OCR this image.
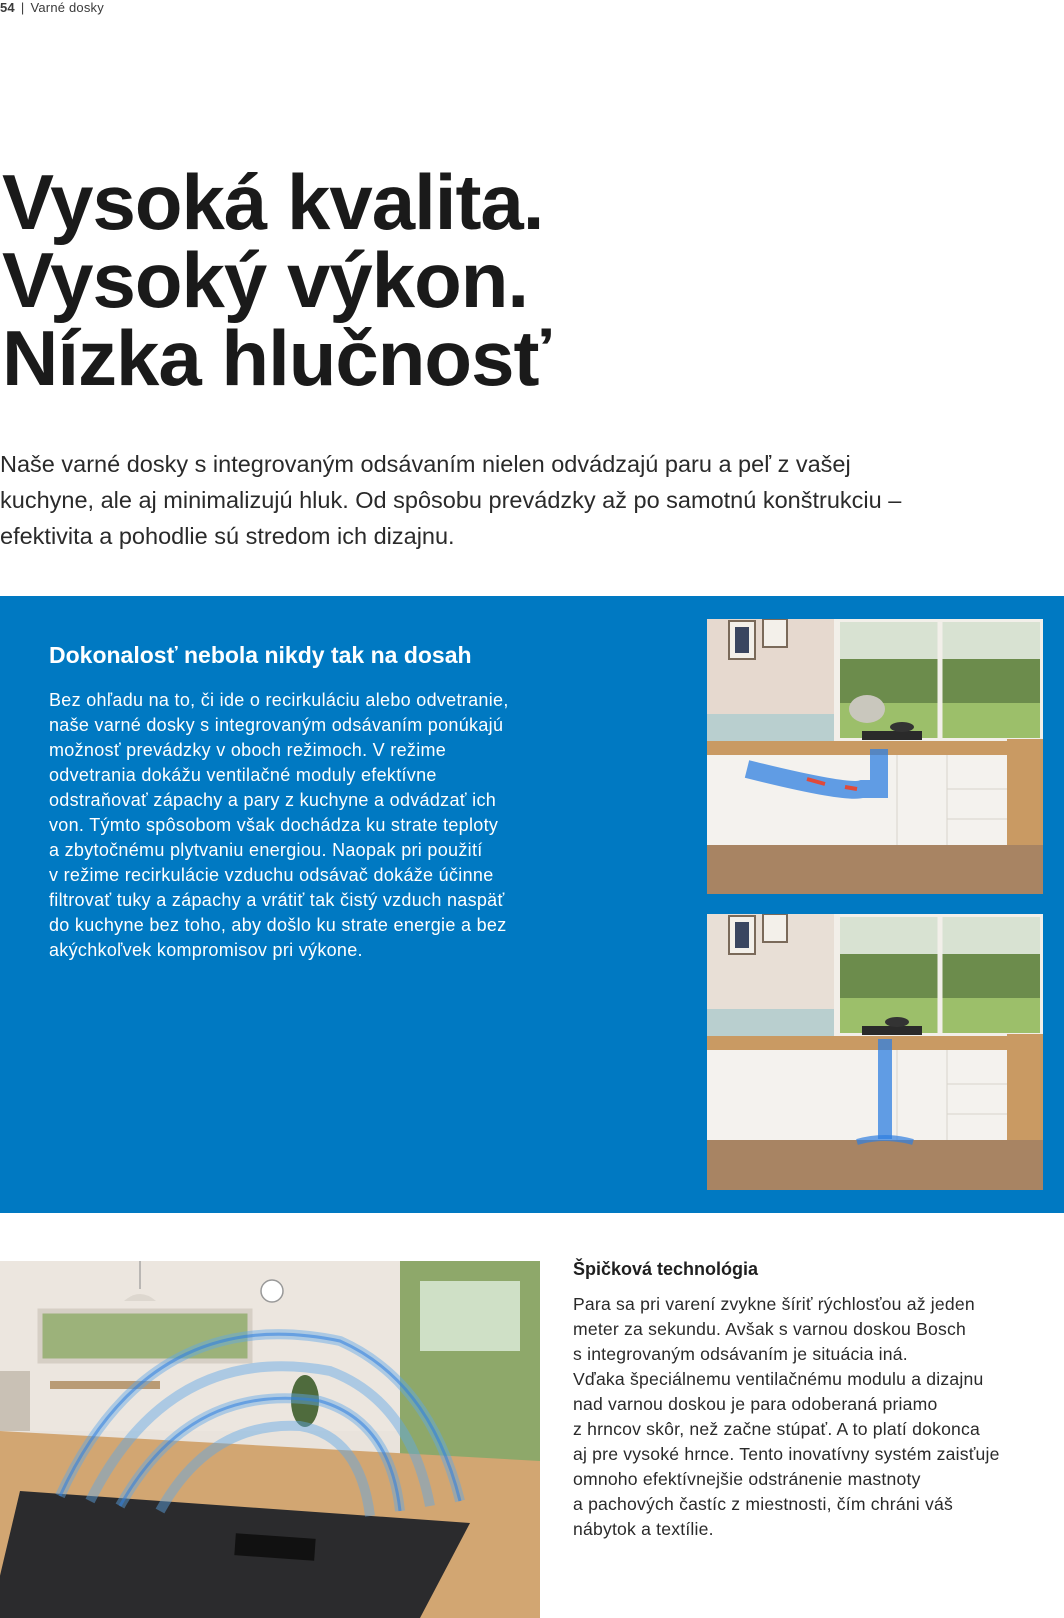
54 | Varné dosky
Vysoká kvalita.
Vysoký výkon.
Nízka hlučnosť
Naše varné dosky s integrovaným odsávaním nielen odvádzajú paru a peľ z vašej
kuchyne, ale aj minimalizujú hluk. Od spôsobu prevádzky až po samotnú konštrukciu –
efektivita a pohodlie sú stredom ich dizajnu.
Dokonalosť nebola nikdy tak na dosah
Bez ohľadu na to, či ide o recirkuláciu alebo odvetranie,
naše varné dosky s integrovaným odsávaním ponúkajú
možnosť prevádzky v oboch režimoch. V režime
odvetrania dokážu ventilačné moduly efektívne
odstraňovať zápachy a pary z kuchyne a odvádzať ich
von. Týmto spôsobom však dochádza ku strate teploty
a zbytočnému plytvaniu energiou. Naopak pri použití
v režime recirkulácie vzduchu odsávač dokáže účinne
filtrovať tuky a zápachy a vrátiť tak čistý vzduch naspäť
do kuchyne bez toho, aby došlo ku strate energie a bez
akýchkoľvek kompromisov pri výkone.
Špičková technológia
Para sa pri varení zvykne šíriť rýchlosťou až jeden
meter za sekundu. Avšak s varnou doskou Bosch
s integrovaným odsávaním je situácia iná.
Vďaka špeciálnemu ventilačnému modulu a dizajnu
nad varnou doskou je para odoberaná priamo
z hrncov skôr, než začne stúpať. A to platí dokonca
aj pre vysoké hrnce. Tento inovatívny systém zaisťuje
omnoho efektívnejšie odstránenie mastnoty
a pachových častíc z miestnosti, čím chráni váš
nábytok a textílie.
